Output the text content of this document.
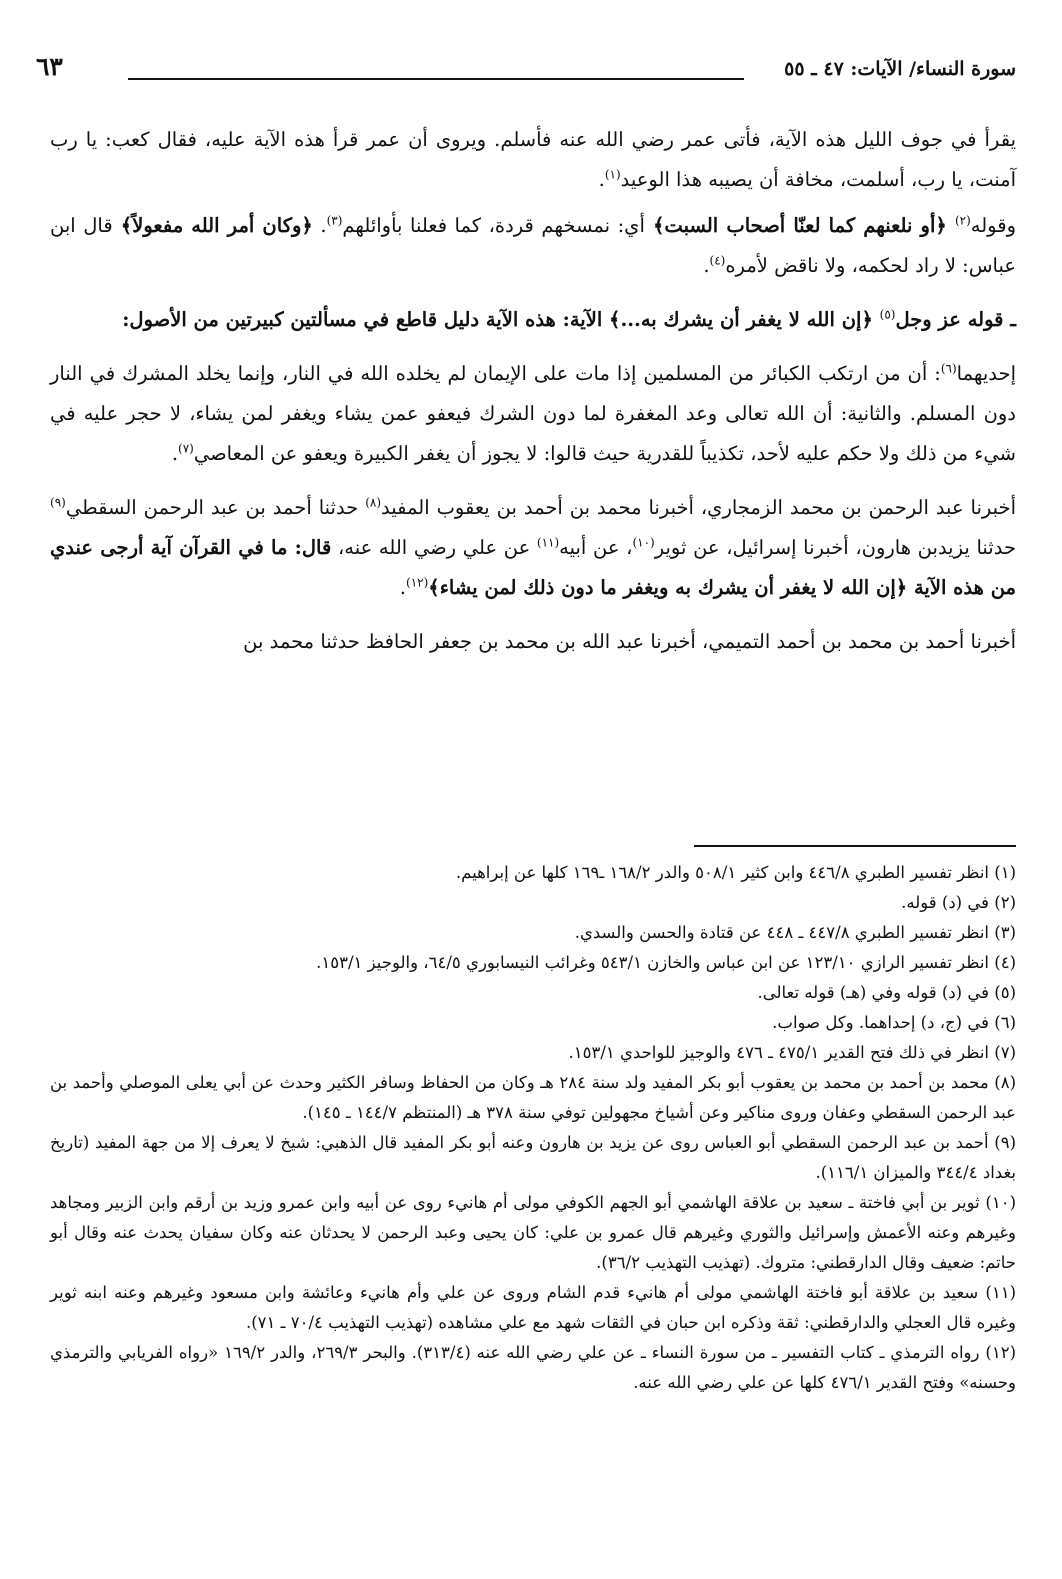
سورة النساء/ الآيات: ٤٧ ـ ٥٥
٦٣

يقرأ في جوف الليل هذه الآية، فأتى عمر رضي الله عنه فأسلم. ويروى أن عمر قرأ هذه الآية عليه، فقال كعب: يا رب آمنت، يا رب، أسلمت، مخافة أن يصيبه هذا الوعيد$^{(١)}$.

وقوله$^{(٢)}$ ﴿أو نلعنهم كما لعنّا أصحاب السبت﴾ أي: نمسخهم قردة، كما فعلنا بأوائلهم$^{(٣)}$. ﴿وكان أمر الله مفعولاً﴾ قال ابن عباس: لا راد لحكمه، ولا ناقض لأمره$^{(٤)}$.

ـ قوله عز وجل$^{(٥)}$ ﴿إن الله لا يغفر أن يشرك به...﴾ الآية: هذه الآية دليل قاطع في مسألتين كبيرتين من الأصول:

إحديهما$^{(٦)}$: أن من ارتكب الكبائر من المسلمين إذا مات على الإيمان لم يخلده الله في النار، وإنما يخلد المشرك في النار دون المسلم. والثانية: أن الله تعالى وعد المغفرة لما دون الشرك فيعفو عمن يشاء ويغفر لمن يشاء، لا حجر عليه في شيء من ذلك ولا حكم عليه لأحد، تكذيباً للقدرية حيث قالوا: لا يجوز أن يغفر الكبيرة ويعفو عن المعاصي$^{(٧)}$.

أخبرنا عبد الرحمن بن محمد الزمجاري، أخبرنا محمد بن أحمد بن يعقوب المفيد$^{(٨)}$ حدثنا أحمد بن عبد الرحمن السقطي$^{(٩)}$ حدثنا يزيدبن هارون، أخبرنا إسرائيل، عن ثوير$^{(١٠)}$، عن أبيه$^{(١١)}$ عن علي رضي الله عنه، قال: ما في القرآن آية أرجى عندي من هذه الآية ﴿إن الله لا يغفر أن يشرك به ويغفر ما دون ذلك لمن يشاء﴾$^{(١٢)}$.

أخبرنا أحمد بن محمد بن أحمد التميمي، أخبرنا عبد الله بن محمد بن جعفر الحافظ حدثنا محمد بن

(١) انظر تفسير الطبري ٤٤٦/٨ وابن كثير ٥٠٨/١ والدر ١٦٨/٢ ـ١٦٩ كلها عن إبراهيم.

(٢) في (د) قوله.

(٣) انظر تفسير الطبري ٤٤٧/٨ ـ ٤٤٨ عن قتادة والحسن والسدي.

(٤) انظر تفسير الرازي ١٢٣/١٠ عن ابن عباس والخازن ٥٤٣/١ وغرائب النيسابوري ٦٤/٥، والوجيز ١٥٣/١.

(٥) في (د) قوله وفي (هـ) قوله تعالى.

(٦) في (ج، د) إحداهما. وكل صواب.

(٧) انظر في ذلك فتح القدير ٤٧٥/١ ـ ٤٧٦ والوجيز للواحدي ١٥٣/١.

(٨) محمد بن أحمد بن محمد بن يعقوب أبو بكر المفيد ولد سنة ٢٨٤ هـ وكان من الحفاظ وسافر الكثير وحدث عن أبي يعلى الموصلي وأحمد بن عبد الرحمن السقطي وعفان وروى مناكير وعن أشياخ مجهولين توفي سنة ٣٧٨ هـ (المنتظم ١٤٤/٧ ـ ١٤٥).

(٩) أحمد بن عبد الرحمن السقطي أبو العباس روى عن يزيد بن هارون وعنه أبو بكر المفيد قال الذهبي: شيخ لا يعرف إلا من جهة المفيد (تاريخ بغداد ٣٤٤/٤ والميزان ١١٦/١).

(١٠) ثوير بن أبي فاختة ـ سعيد بن علاقة الهاشمي أبو الجهم الكوفي مولى أم هانيء روى عن أبيه وابن عمرو وزيد بن أرقم وابن الزبير ومجاهد وغيرهم وعنه الأعمش وإسرائيل والثوري وغيرهم قال عمرو بن علي: كان يحيى وعبد الرحمن لا يحدثان عنه وكان سفيان يحدث عنه وقال أبو حاتم: ضعيف وقال الدارقطني: متروك. (تهذيب التهذيب ٣٦/٢).

(١١) سعيد بن علاقة أبو فاختة الهاشمي مولى أم هانيء قدم الشام وروى عن علي وأم هانيء وعائشة وابن مسعود وغيرهم وعنه ابنه ثوير وغيره قال العجلي والدارقطني: ثقة وذكره ابن حبان في الثقات شهد مع علي مشاهده (تهذيب التهذيب ٧٠/٤ ـ ٧١).

(١٢) رواه الترمذي ـ كتاب التفسير ـ من سورة النساء ـ عن علي رضي الله عنه (٣١٣/٤). والبحر ٢٦٩/٣، والدر ١٦٩/٢ «رواه الفريابي والترمذي وحسنه» وفتح القدير ٤٧٦/١ كلها عن علي رضي الله عنه.
